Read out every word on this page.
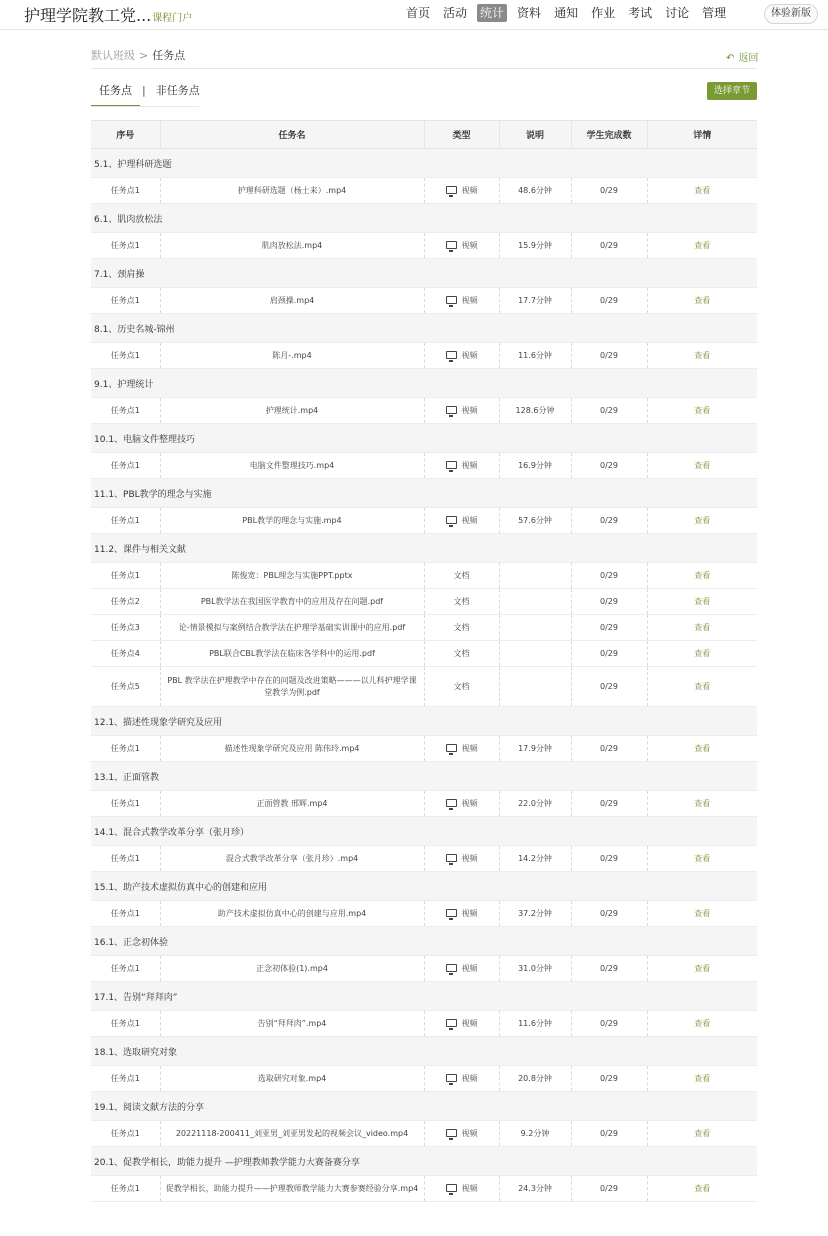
护理学院教工党... 课程门户	首页 活动 统计 资料 通知 作业 考试 讨论 管理	体验新版
默认班级 > 任务点	↶ 返回
任务点 | 非任务点	选择章节
序号	任务名	类型	说明	学生完成数	详情
5.1、护理科研选题					
任务点1	护理科研选题（杨士来）.mp4	视频	48.6分钟	0/29	查看
6.1、肌肉放松法					
任务点1	肌肉放松法.mp4	视频	15.9分钟	0/29	查看
7.1、颈肩操					
任务点1	肩颈操.mp4	视频	17.7分钟	0/29	查看
8.1、历史名城-锦州					
任务点1	陈月-.mp4	视频	11.6分钟	0/29	查看
9.1、护理统计					
任务点1	护理统计.mp4	视频	128.6分钟	0/29	查看
10.1、电脑文件整理技巧					
任务点1	电脑文件整理技巧.mp4	视频	16.9分钟	0/29	查看
11.1、PBL教学的理念与实施					
任务点1	PBL教学的理念与实施.mp4	视频	57.6分钟	0/29	查看
11.2、课件与相关文献					
任务点1	陈俊宽：PBL理念与实施PPT.pptx	文档		0/29	查看
任务点2	PBL教学法在我国医学教育中的应用及存在问题.pdf	文档		0/29	查看
任务点3	论-情景模拟与案例结合教学法在护理学基础实训课中的应用.pdf	文档		0/29	查看
任务点4	PBL联合CBL教学法在临床各学科中的运用.pdf	文档		0/29	查看
任务点5	PBL 教学法在护理教学中存在的问题及改进策略———以儿科护理学课堂教学为例.pdf	文档		0/29	查看
12.1、描述性现象学研究及应用					
任务点1	描述性现象学研究及应用 陈伟玲.mp4	视频	17.9分钟	0/29	查看
13.1、正面管教					
任务点1	正面管教 邢辉.mp4	视频	22.0分钟	0/29	查看
14.1、混合式教学改革分享（张月珍）					
任务点1	混合式教学改革分享（张月珍）.mp4	视频	14.2分钟	0/29	查看
15.1、助产技术虚拟仿真中心的创建和应用					
任务点1	助产技术虚拟仿真中心的创建与应用.mp4	视频	37.2分钟	0/29	查看
16.1、正念初体验					
任务点1	正念初体验(1).mp4	视频	31.0分钟	0/29	查看
17.1、告别“拜拜肉”					
任务点1	告别“拜拜肉”.mp4	视频	11.6分钟	0/29	查看
18.1、选取研究对象					
任务点1	选取研究对象.mp4	视频	20.8分钟	0/29	查看
19.1、阅读文献方法的分享					
任务点1	20221118-200411_刘亚男_刘亚男发起的视频会议_video.mp4	视频	9.2分钟	0/29	查看
20.1、促教学相长，助能力提升 —护理教师教学能力大赛备赛分享					
任务点1	促教学相长，助能力提升——护理教师教学能力大赛参赛经验分享.mp4	视频	24.3分钟	0/29	查看
